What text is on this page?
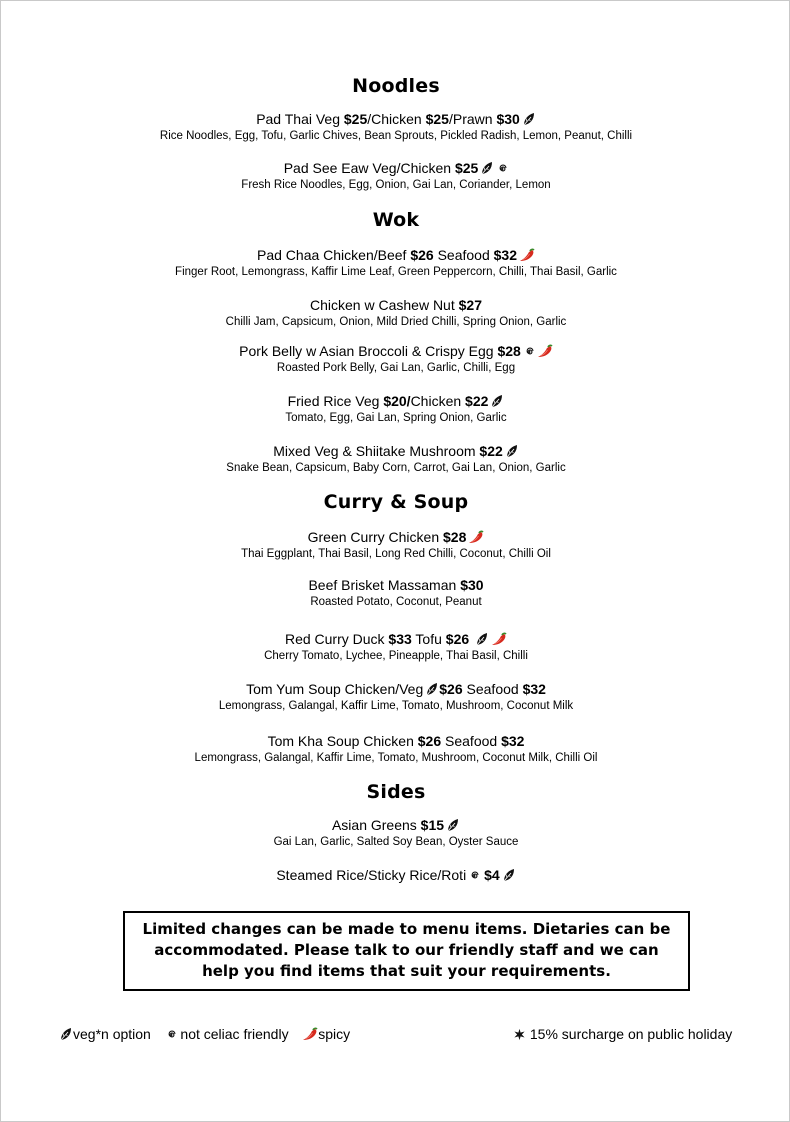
Noodles
Pad Thai Veg $25/Chicken $25/Prawn $30
Rice Noodles, Egg, Tofu, Garlic Chives, Bean Sprouts, Pickled Radish, Lemon, Peanut, Chilli
Pad See Eaw Veg/Chicken $25
Fresh Rice Noodles, Egg, Onion, Gai Lan, Coriander, Lemon
Wok
Pad Chaa Chicken/Beef $26 Seafood $32
Finger Root, Lemongrass, Kaffir Lime Leaf, Green Peppercorn, Chilli, Thai Basil, Garlic
Chicken w Cashew Nut $27
Chilli Jam, Capsicum, Onion, Mild Dried Chilli, Spring Onion, Garlic
Pork Belly w Asian Broccoli & Crispy Egg $28
Roasted Pork Belly, Gai Lan, Garlic, Chilli, Egg
Fried Rice Veg $20/Chicken $22
Tomato, Egg, Gai Lan, Spring Onion, Garlic
Mixed Veg & Shiitake Mushroom $22
Snake Bean, Capsicum, Baby Corn, Carrot, Gai Lan, Onion, Garlic
Curry & Soup
Green Curry Chicken $28
Thai Eggplant, Thai Basil, Long Red Chilli, Coconut, Chilli Oil
Beef Brisket Massaman $30
Roasted Potato, Coconut, Peanut
Red Curry Duck $33 Tofu $26
Cherry Tomato, Lychee, Pineapple, Thai Basil, Chilli
Tom Yum Soup Chicken/Veg $26 Seafood $32
Lemongrass, Galangal, Kaffir Lime, Tomato, Mushroom, Coconut Milk
Tom Kha Soup Chicken $26 Seafood $32
Lemongrass, Galangal, Kaffir Lime, Tomato, Mushroom, Coconut Milk, Chilli Oil
Sides
Asian Greens $15
Gai Lan, Garlic, Salted Soy Bean, Oyster Sauce
Steamed Rice/Sticky Rice/Roti $4
Limited changes can be made to menu items. Dietaries can be accommodated. Please talk to our friendly staff and we can help you find items that suit your requirements.
veg*n option not celiac friendly spicy	15% surcharge on public holiday
